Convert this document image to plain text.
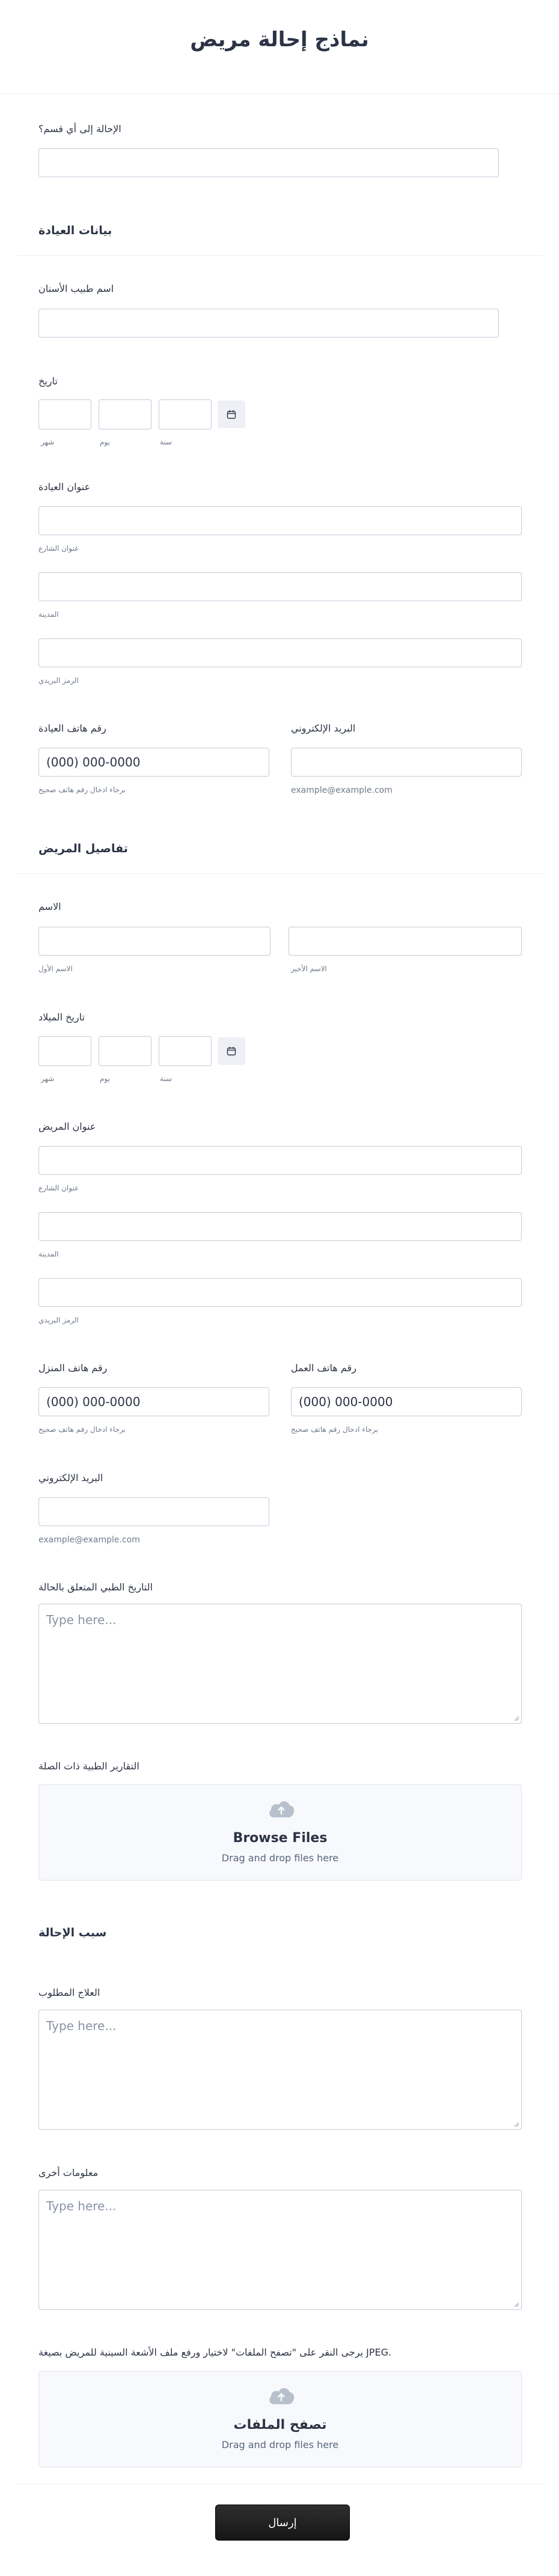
نماذج إحالة مريض
الإحالة إلى أي قسم؟
بيانات العيادة
اسم طبيب الأسنان
تاريخ
شهر	يوم	سنة
عنوان العيادة
عنوان الشارع
المدينة
الرمز البريدي
رقم هاتف العيادة
(000) 000-0000
برجاء ادخال رقم هاتف صحيح
البريد الإلكتروني
example@example.com
تفاصيل المريض
الاسم
الاسم الأول	الاسم الأخير
تاريخ الميلاد
شهر	يوم	سنة
عنوان المريض
عنوان الشارع
المدينة
الرمز البريدي
رقم هاتف المنزل
(000) 000-0000
برجاء ادخال رقم هاتف صحيح
رقم هاتف العمل
(000) 000-0000
برجاء ادخال رقم هاتف صحيح
البريد الإلكتروني
example@example.com
التاريخ الطبي المتعلق بالحالة
Type here...
التقارير الطبية ذات الصلة
Browse Files
Drag and drop files here
سبب الإحالة
العلاج المطلوب
Type here...
معلومات أخرى
Type here...
يرجى النقر على "تصفح الملفات" لاختيار ورفع ملف الأشعة السينية للمريض بصيغة JPEG.
تصفح الملفات
Drag and drop files here
إرسال
